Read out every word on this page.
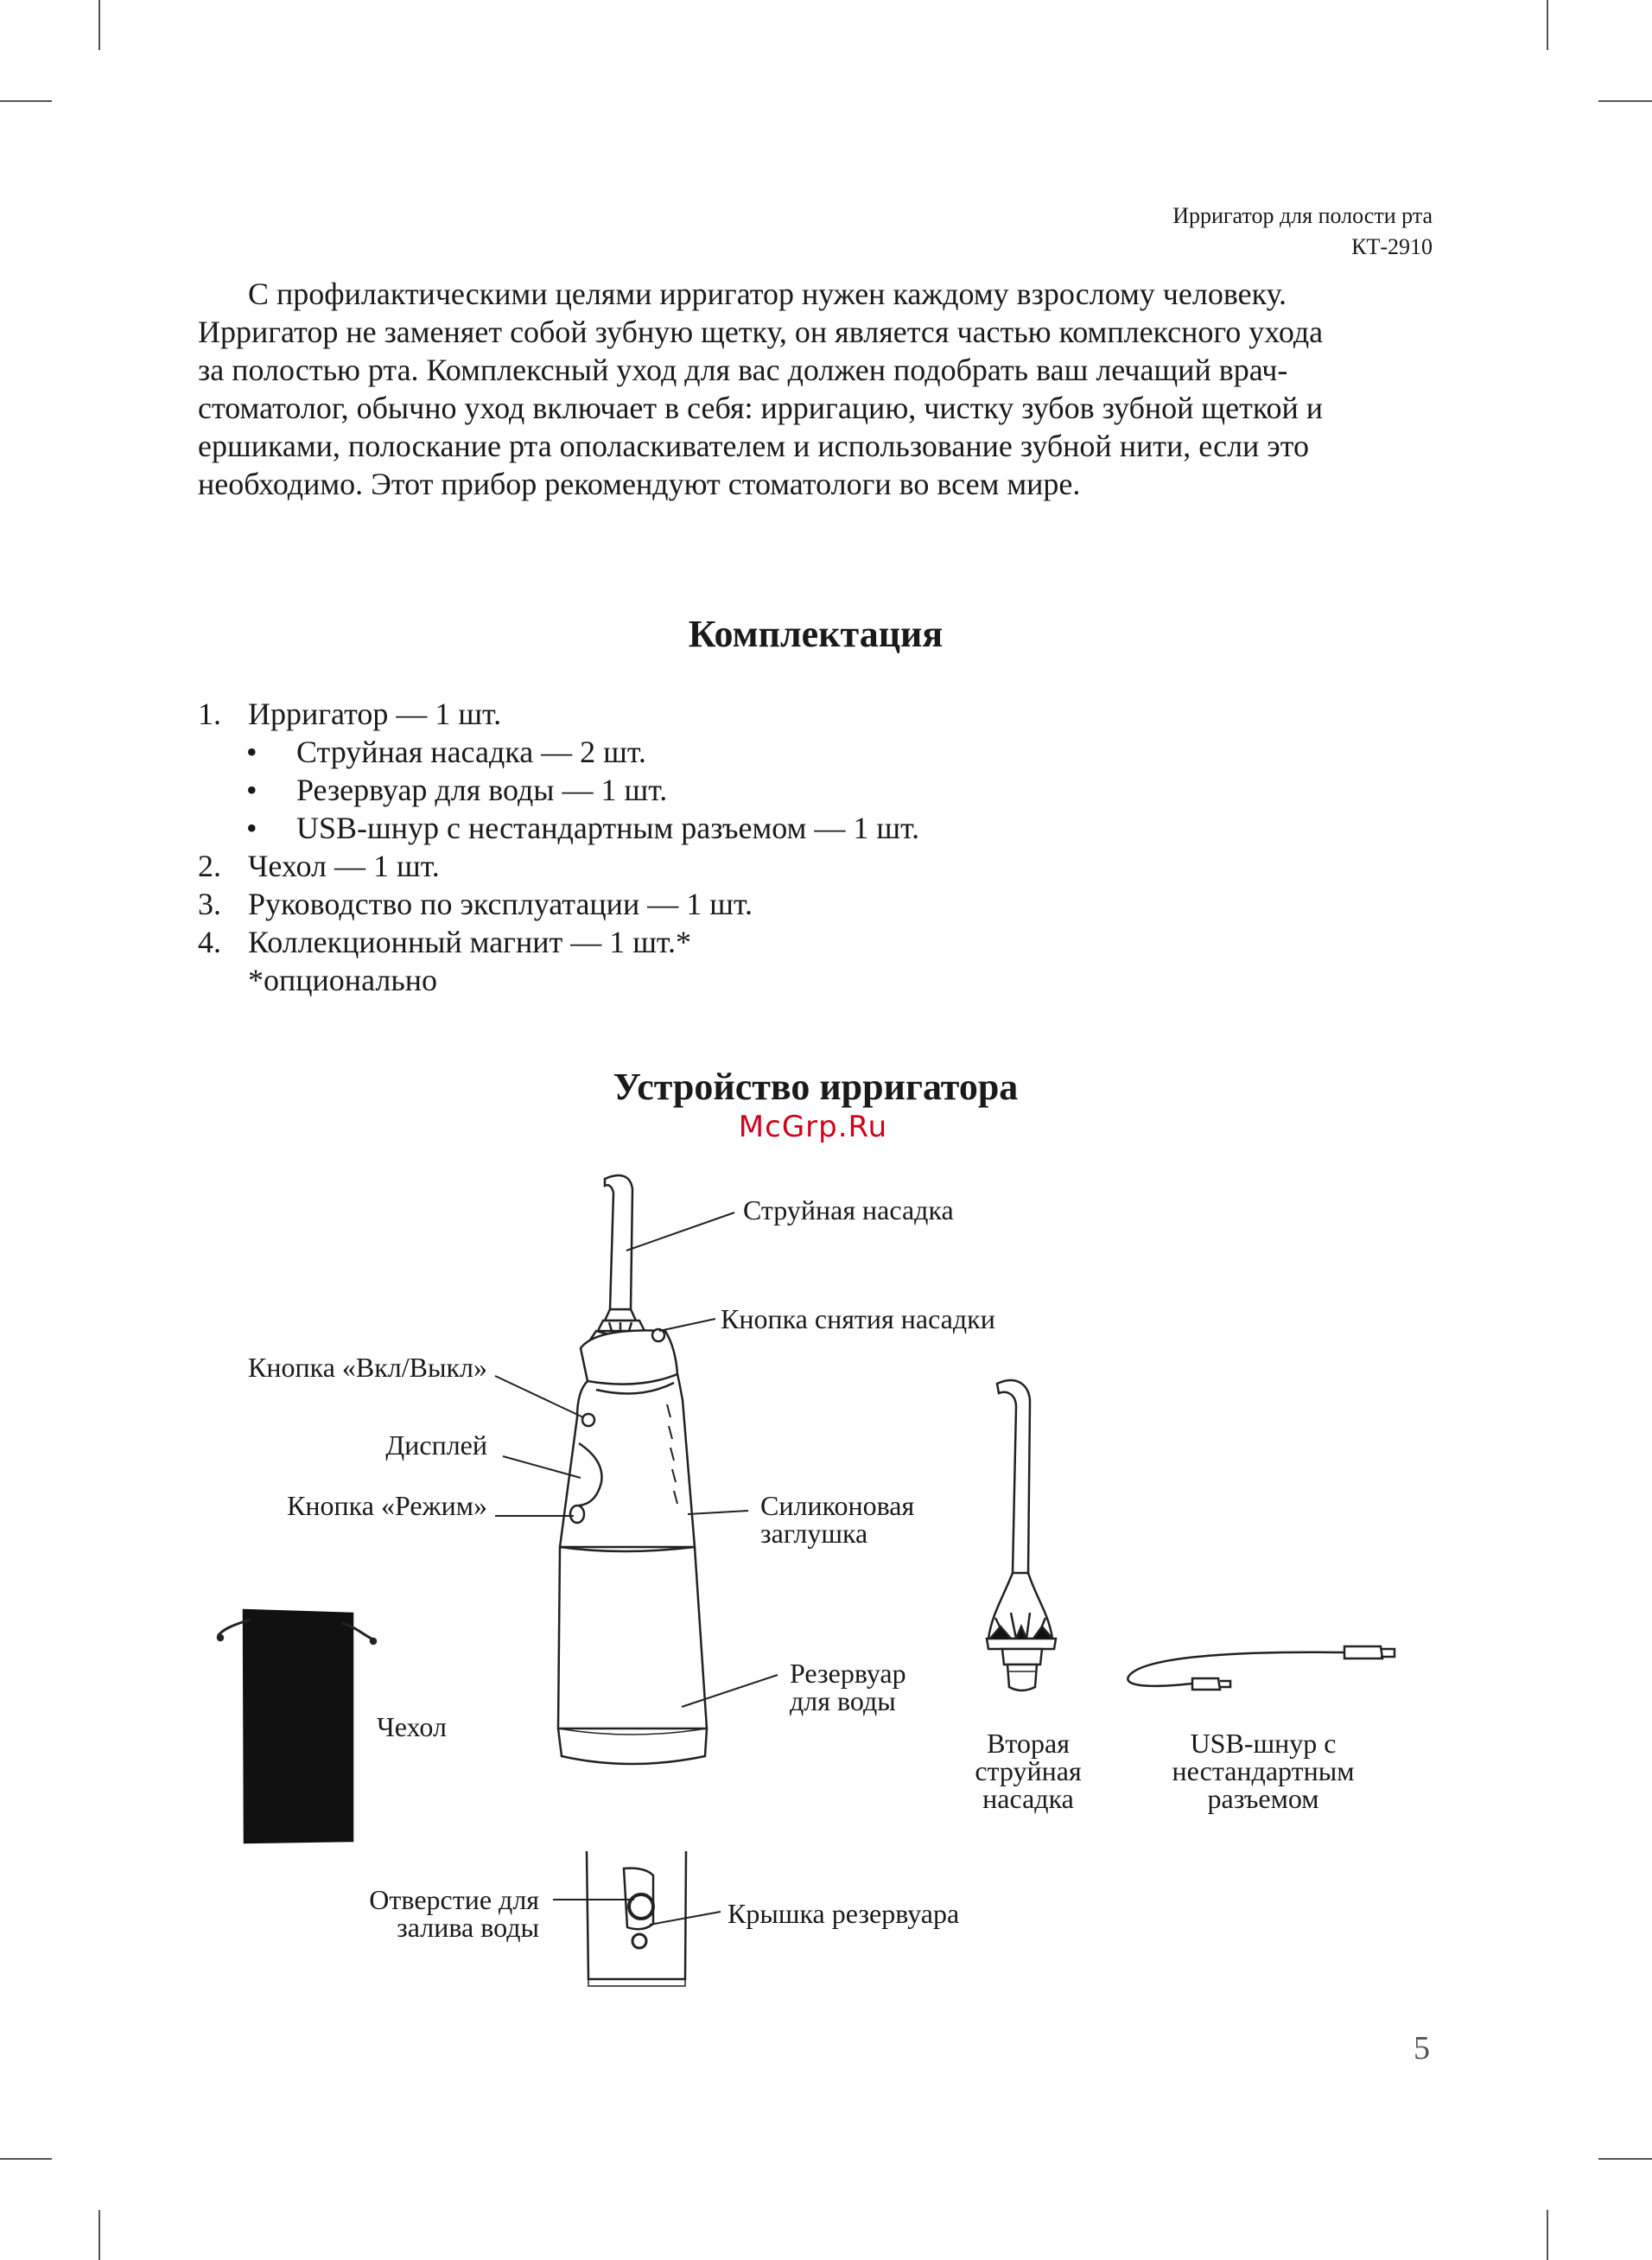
Ирригатор для полости рта
КТ-2910

С профилактическими целями ирригатор нужен каждому взрослому человеку.
Ирригатор не заменяет собой зубную щетку, он является частью комплексного ухода
за полостью рта. Комплексный уход для вас должен подобрать ваш лечащий врач-
стоматолог, обычно уход включает в себя: ирригацию, чистку зубов зубной щеткой и
ершиками, полоскание рта ополаскивателем и использование зубной нити, если это
необходимо. Этот прибор рекомендуют стоматологи во всем мире.

Комплектация
1. Ирригатор — 1 шт.
• Струйная насадка — 2 шт.
• Резервуар для воды — 1 шт.
• USB-шнур с нестандартным разъемом — 1 шт.
2. Чехол — 1 шт.
3. Руководство по эксплуатации — 1 шт.
4. Коллекционный магнит — 1 шт.*
*опционально
Устройство ирригатора
McGrp.Ru
Струйная насадка
Кнопка снятия насадки
Кнопка «Вкл/Выкл»
Дисплей
Кнопка «Режим»	Силиконовая
заглушка
Резервуар
для воды
Чехол
Вторая
струйная
насадка
USB-шнур с
нестандартным
разъемом
Отверстие для
залива воды	Крышка резервуара
5
